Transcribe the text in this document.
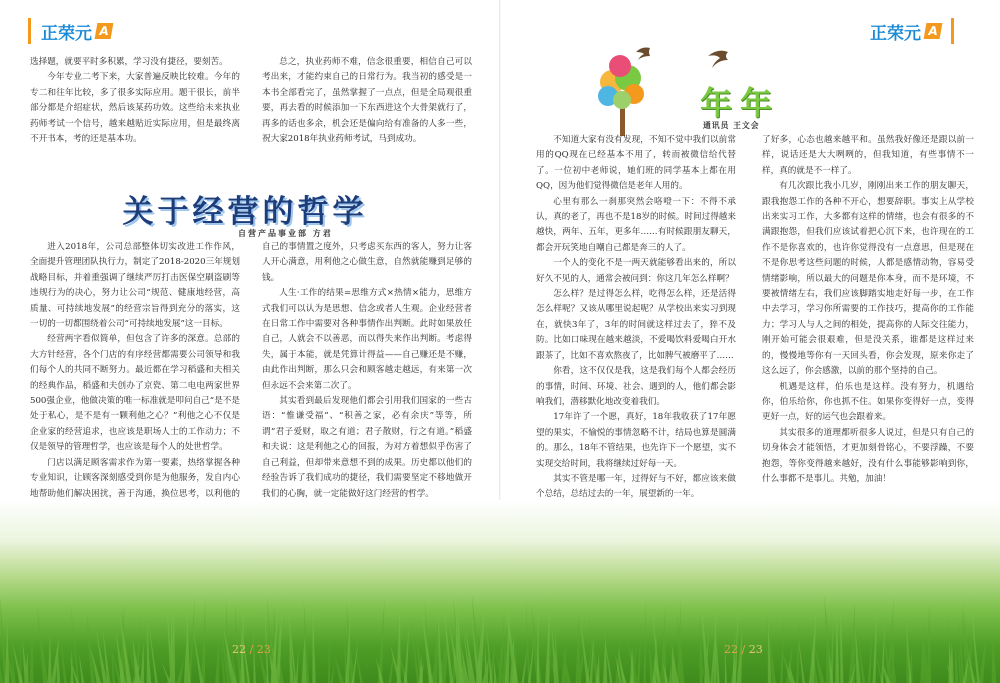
正荣元 A

选择题，就要平时多积累，学习没有捷径，要刻苦。

今年专业二考下来，大家普遍反映比较难。今年的专二和往年比较，多了很多实际应用。题干很长，前半部分都是介绍症状，然后该某药功效。这些给未来执业药师考试一个信号，越来越贴近实际应用，但是最终离不开书本，考的还是基本功。

总之，执业药师不难，信念很重要，相信自己可以考出来，才能约束自己的日常行为。我当初的感受是一本书全部看完了，虽然掌握了一点点，但是全局观很重要，再去看的时候添加一下东西进这个大骨架就行了，再多的话也多余，机会还是偏向给有准备的人多一些，祝大家2018年执业药师考试，马到成功。

关于经营的哲学
自营产品事业部 方君

进入2018年，公司总部整体切实改进工作作风，全面提升管理团队执行力，制定了2018-2020三年规划战略目标，并着重强调了继续严厉打击医保空刷盗刷等违规行为的决心，努力让公司“规范、健康地经营，高质量、可持续地发展”的经营宗旨得到充分的落实，这一切的一切都围绕着公司“可持续地发展”这一目标。

经营两字看似简单，但包含了许多的深意。总部的大方针经营，各个门店的有序经营都需要公司领导和我们每个人的共同不断努力。最近都在学习稻盛和夫相关的经典作品，稻盛和夫创办了京瓷、第二电电两家世界500强企业，他做决策的唯一标准就是叩问自己“是不是处于私心，是不是有一颗利他之心？”利他之心不仅是企业家的经营追求，也应该是职场人士的工作动力；不仅是领导的管理哲学，也应该是每个人的处世哲学。

门店以满足顾客需求作为第一要素，热络掌握各种专业知识，让顾客深刻感受到你是为他服务，发自内心地帮助他们解决困扰，善于沟通，换位思考，以利他的

自己的事情置之度外，只考虑买东西的客人，努力让客人开心满意，用利他之心做生意，自然就能赚到足够的钱。

人生·工作的结果=思维方式×热情×能力，思维方式我们可以认为是思想、信念或者人生观。企业经营者在日常工作中需要对各种事情作出判断。此时如果放任自己，人就会不以善恶，而以得失来作出判断。考虑得失，属于本能，就是凭算计得益——自己赚还是不赚，由此作出判断，那么只会和顾客越走越远，有来第一次但永远不会来第二次了。

其实看到最后发现他们都会引用我们国家的一些古语：“惟谦受福”、“积善之家，必有余庆”等等，所谓“君子爱财，取之有道；君子散财，行之有道。”稻盛和夫说：这是利他之心的回报，为对方着想似乎伤害了自己利益，但却带来意想不到的成果。历史都以他们的经验告诉了我们成功的捷径，我们需要坚定不移地做开我们的心胸，就一定能做好这门经营的哲学。

正荣元 A
年年
通讯员 王文会

不知道大家有没有发现，不知不觉中我们以前常用的QQ现在已经基本不用了，转而被微信给代替了。一位初中老师说，她们班的同学基本上都在用QQ，因为他们觉得微信是老年人用的。

心里有那么一刹那突然会咯噔一下：不得不承认，真的老了，再也不是18岁的时候。时间过得越来越快，两年、五年，更多年……有时候跟朋友聊天，都会开玩笑地自嘲自己都是奔三的人了。

一个人的变化不是一两天就能够看出来的，所以好久不见的人，通常会被问到：你这几年怎么样啊？

怎么样？是过得怎么样，吃得怎么样，还是活得怎么样呢？又该从哪里说起呢？从学校出来实习到现在，就快3年了，3年的时间就这样过去了，猝不及防。比如口味现在越来越淡，不爱喝饮料爱喝白开水跟茶了，比如不喜欢熬夜了，比如脾气被磨平了……

你看，这不仅仅是我，这是我们每个人都会经历的事情，时间、环境、社会、遇到的人，他们都会影响我们，潜移默化地改变着我们。

17年许了一个愿，真好，18年我收获了17年愿望的果实，不愉悦的事情忽略不计，结局也算是圆满的。那么，18年不管结果，也先许下一个愿望，实不实现交给时间，我将继续过好每一天。

其实不管是哪一年，过得好与不好，都应该来做个总结，总结过去的一年，展望新的一年。

了好多，心态也越来越平和。虽然我好像还是跟以前一样，说话还是大大咧咧的，但我知道，有些事情不一样，真的就是不一样了。

有几次跟比我小几岁，刚刚出来工作的朋友聊天，跟我抱怨工作的各种不开心，想要辞职。事实上从学校出来实习工作，大多都有这样的情绪，也会有很多的不满跟抱怨，但我们应该试着把心沉下来，也许现在的工作不是你喜欢的，也许你觉得没有一点意思，但是现在不是你思考这些问题的时候，人都是感情动物，容易受情绪影响，所以最大的问题是你本身，而不是环境，不要被情绪左右，我们应该脚踏实地走好每一步，在工作中去学习，学习你所需要的工作技巧，提高你的工作能力；学习人与人之间的相处，提高你的人际交往能力，刚开始可能会很艰难，但是没关系，谁都是这样过来的，慢慢地等你有一天回头看，你会发现，原来你走了这么远了，你会感激，以前的那个坚持的自己。

机遇是这样，伯乐也是这样。没有努力，机遇给你，伯乐给你，你也抓不住。如果你变得好一点，变得更好一点，好的运气也会跟着来。

其实很多的道理都听很多人说过，但是只有自己的切身体会才能领悟，才更加刻骨铭心，不要浮躁，不要抱怨，等你变得越来越好，没有什么事能够影响到你，什么事都不是事儿。共勉，加油！

22 / 23	22 / 23
